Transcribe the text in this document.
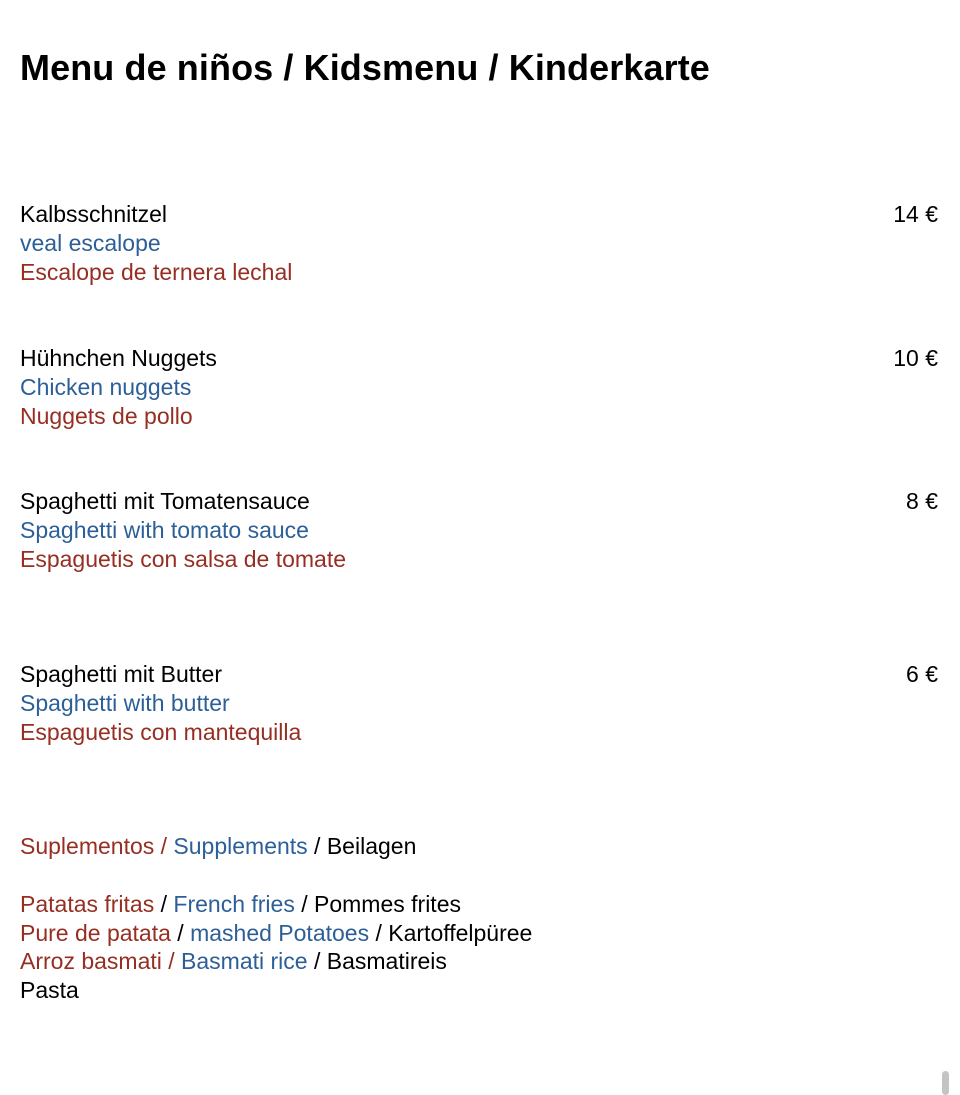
Menu de niños / Kidsmenu / Kinderkarte
Kalbsschnitzel
veal escalope
Escalope de ternera lechal
14 €
Hühnchen Nuggets
Chicken nuggets
Nuggets de pollo
10 €
Spaghetti mit Tomatensauce
Spaghetti with tomato sauce
Espaguetis con salsa de tomate
8 €
Spaghetti mit Butter
Spaghetti with butter
Espaguetis con mantequilla
6 €
Suplementos / Supplements / Beilagen
Patatas fritas / French fries / Pommes frites
Pure de patata / mashed Potatoes / Kartoffelpüree
Arroz basmati / Basmati rice / Basmatireis
Pasta
